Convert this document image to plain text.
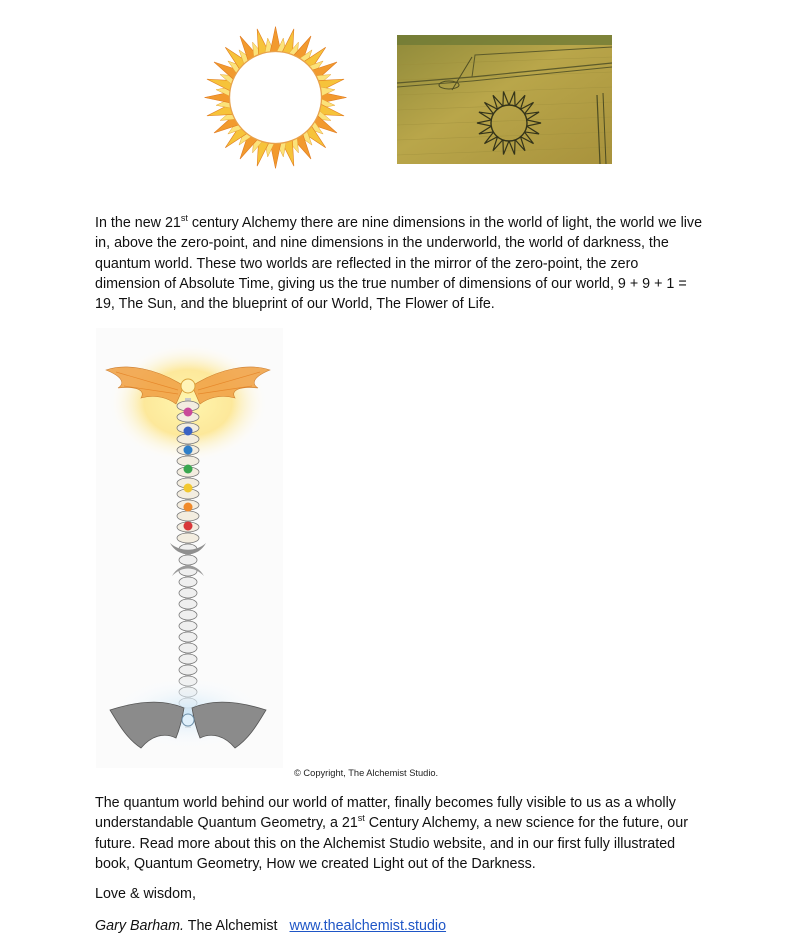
In the new 21st century Alchemy there are nine dimensions in the world of light, the world we live in, above the zero-point, and nine dimensions in the underworld, the world of darkness, the quantum world. These two worlds are reflected in the mirror of the zero-point, the zero dimension of Absolute Time, giving us the true number of dimensions of our world, 9 + 9 + 1 = 19, The Sun, and the blueprint of our World, The Flower of Life.

© Copyright, The Alchemist Studio.

The quantum world behind our world of matter, finally becomes fully visible to us as a wholly understandable Quantum Geometry, a 21st Century Alchemy, a new science for the future, our future. Read more about this on the Alchemist Studio website, and in our first fully illustrated book, Quantum Geometry, How we created Light out of the Darkness.

Love & wisdom,
Gary Barham. The Alchemist www.thealchemist.studio
